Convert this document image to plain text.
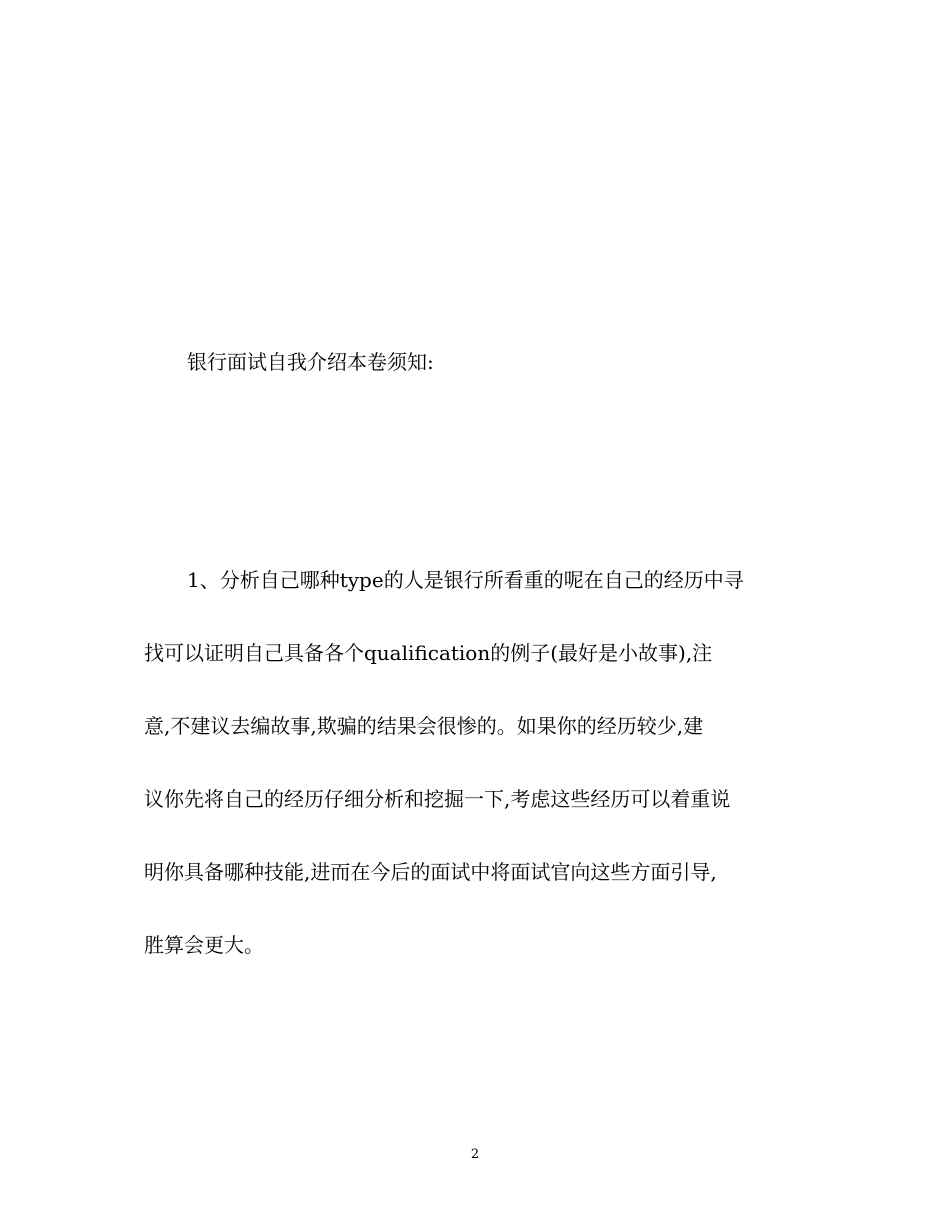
银行面试自我介绍本卷须知:
1、分析自己哪种type的人是银行所看重的呢在自己的经历中寻
找可以证明自己具备各个qualification的例子(最好是小故事),注
意,不建议去编故事,欺骗的结果会很惨的。如果你的经历较少,建
议你先将自己的经历仔细分析和挖掘一下,考虑这些经历可以着重说
明你具备哪种技能,进而在今后的面试中将面试官向这些方面引导,
胜算会更大。
2
